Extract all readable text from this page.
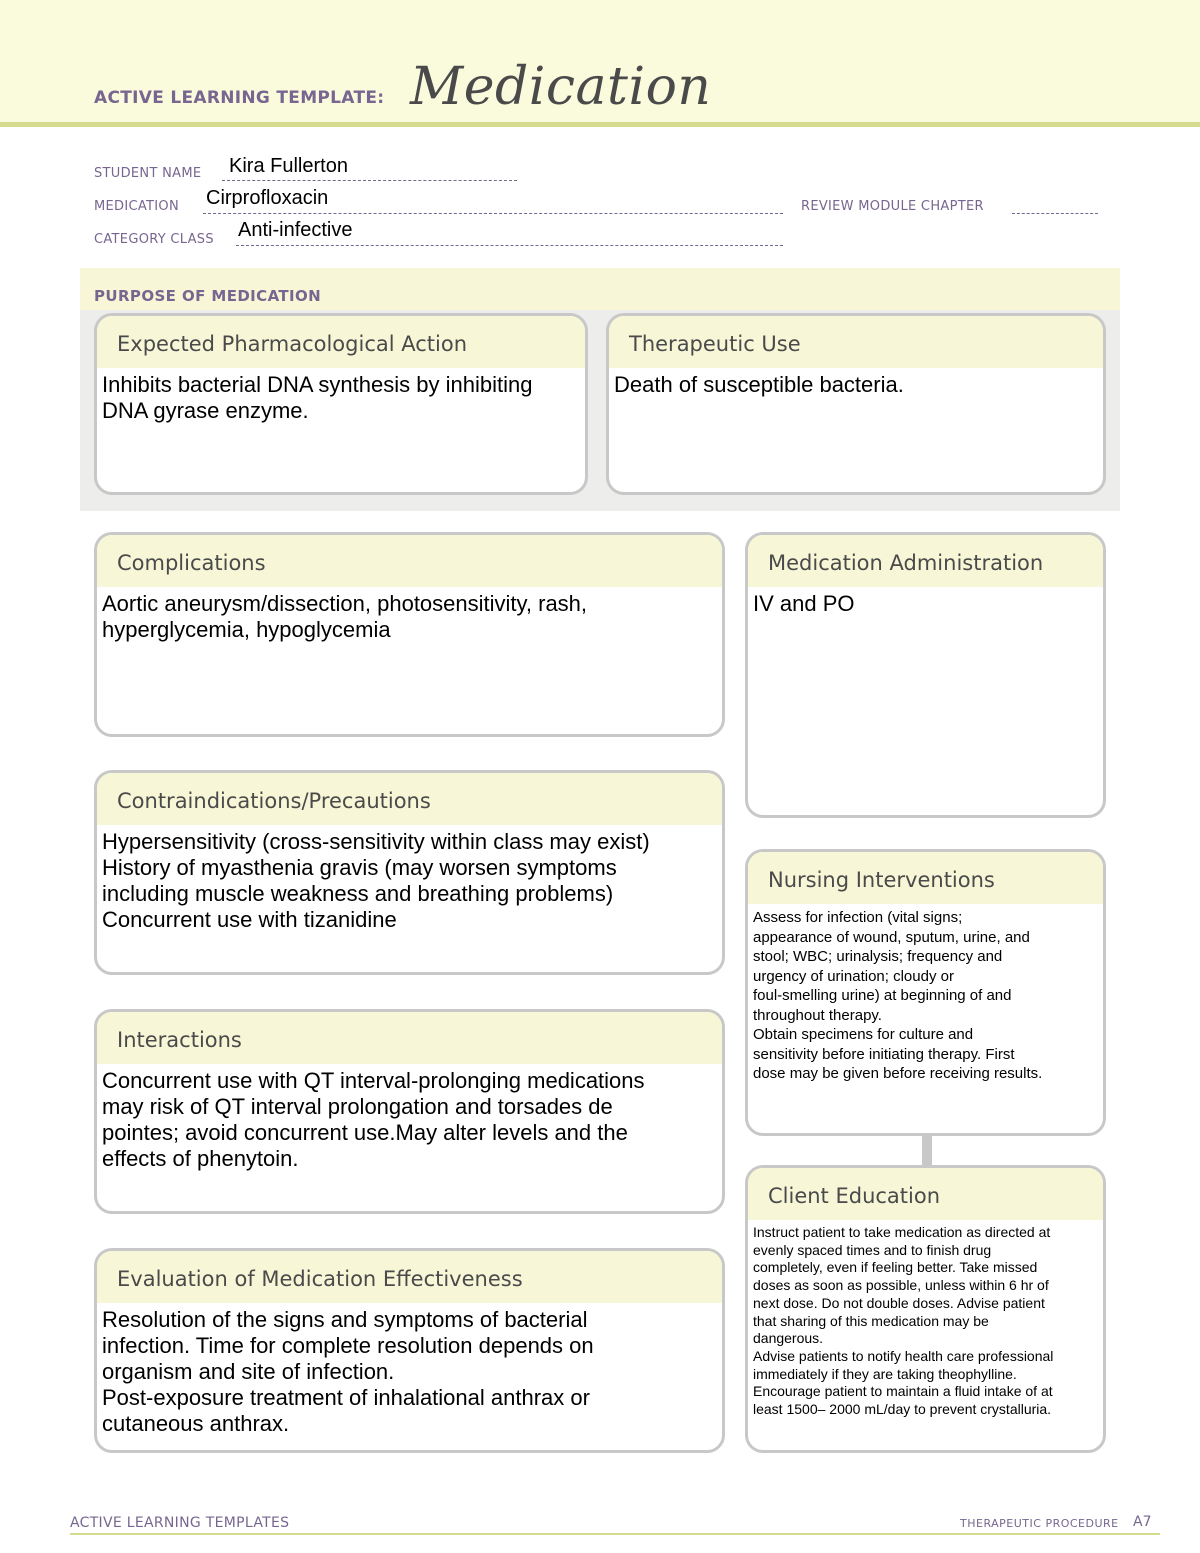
ACTIVE LEARNING TEMPLATE: Medication
STUDENT NAME Kira Fullerton
MEDICATION Cirprofloxacin	REVIEW MODULE CHAPTER
CATEGORY CLASS Anti-infective
PURPOSE OF MEDICATION
Expected Pharmacological Action
Inhibits bacterial DNA synthesis by inhibiting
DNA gyrase enzyme.
Therapeutic Use
Death of susceptible bacteria.
Complications
Aortic aneurysm/dissection, photosensitivity, rash,
hyperglycemia, hypoglycemia
Contraindications/Precautions
Hypersensitivity (cross-sensitivity within class may exist)
History of myasthenia gravis (may worsen symptoms
including muscle weakness and breathing problems)
Concurrent use with tizanidine
Interactions
Concurrent use with QT interval-prolonging medications
may risk of QT interval prolongation and torsades de
pointes; avoid concurrent use.May alter levels and the
effects of phenytoin.
Evaluation of Medication Effectiveness
Resolution of the signs and symptoms of bacterial
infection. Time for complete resolution depends on
organism and site of infection.
Post-exposure treatment of inhalational anthrax or
cutaneous anthrax.
Medication Administration
IV and PO
Nursing Interventions
Assess for infection (vital signs;
appearance of wound, sputum, urine, and
stool; WBC; urinalysis; frequency and
urgency of urination; cloudy or
foul-smelling urine) at beginning of and
throughout therapy.
Obtain specimens for culture and
sensitivity before initiating therapy. First
dose may be given before receiving results.
Client Education
Instruct patient to take medication as directed at
evenly spaced times and to finish drug
completely, even if feeling better. Take missed
doses as soon as possible, unless within 6 hr of
next dose. Do not double doses. Advise patient
that sharing of this medication may be
dangerous.
Advise patients to notify health care professional
immediately if they are taking theophylline.
Encourage patient to maintain a fluid intake of at
least 1500– 2000 mL/day to prevent crystalluria.
ACTIVE LEARNING TEMPLATES	THERAPEUTIC PROCEDURE A7
